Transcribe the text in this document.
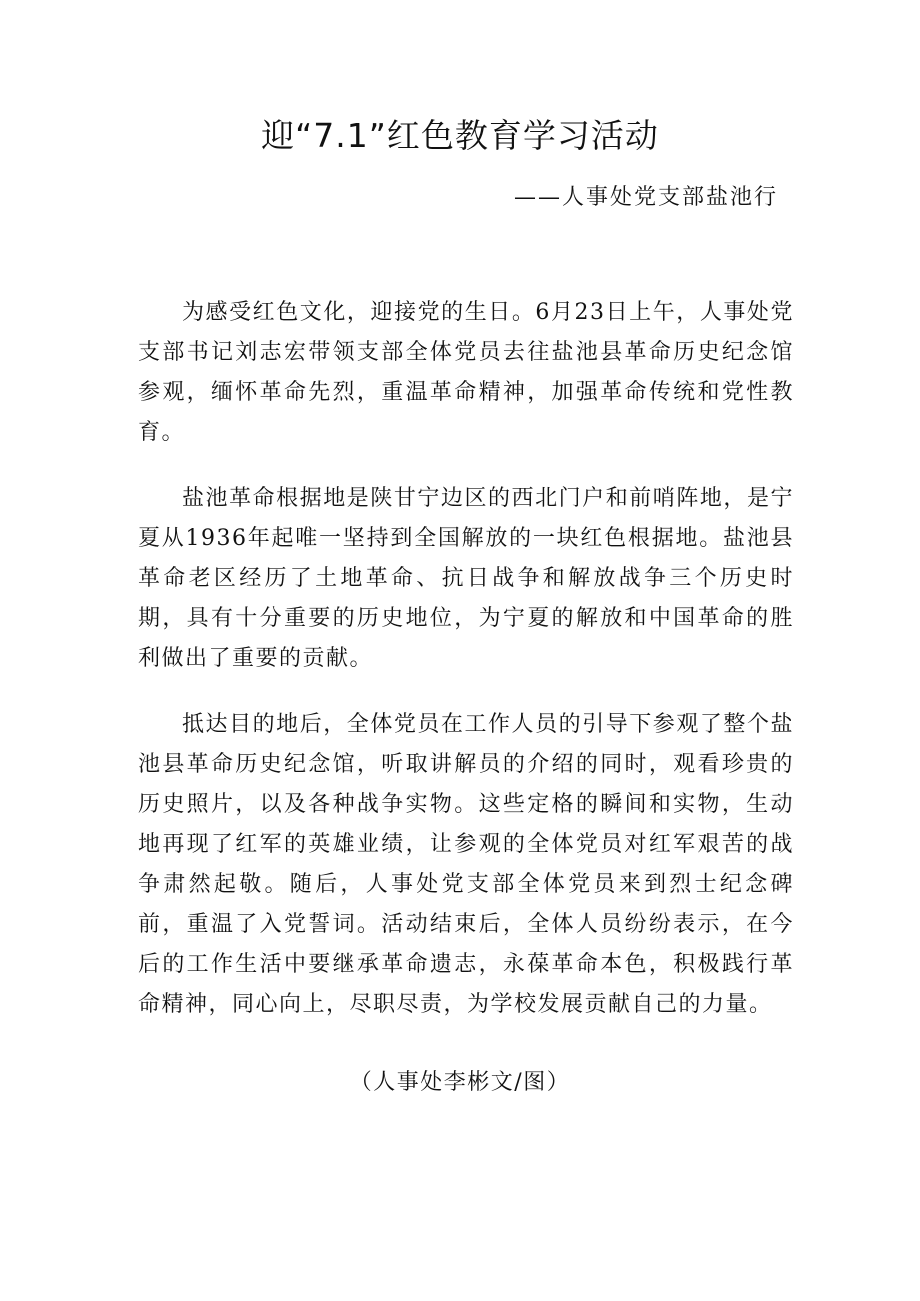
迎“7.1”红色教育学习活动

——人事处党支部盐池行

为感受红色文化，迎接党的生日。6月23日上午，人事处党支部书记刘志宏带领支部全体党员去往盐池县革命历史纪念馆参观，缅怀革命先烈，重温革命精神，加强革命传统和党性教育。

盐池革命根据地是陕甘宁边区的西北门户和前哨阵地，是宁夏从1936年起唯一坚持到全国解放的一块红色根据地。盐池县革命老区经历了土地革命、抗日战争和解放战争三个历史时期，具有十分重要的历史地位，为宁夏的解放和中国革命的胜利做出了重要的贡献。

抵达目的地后，全体党员在工作人员的引导下参观了整个盐池县革命历史纪念馆，听取讲解员的介绍的同时，观看珍贵的历史照片，以及各种战争实物。这些定格的瞬间和实物，生动地再现了红军的英雄业绩，让参观的全体党员对红军艰苦的战争肃然起敬。随后，人事处党支部全体党员来到烈士纪念碑前，重温了入党誓词。活动结束后，全体人员纷纷表示，在今后的工作生活中要继承革命遗志，永葆革命本色，积极践行革命精神，同心向上，尽职尽责，为学校发展贡献自己的力量。

（人事处李彬文/图）
